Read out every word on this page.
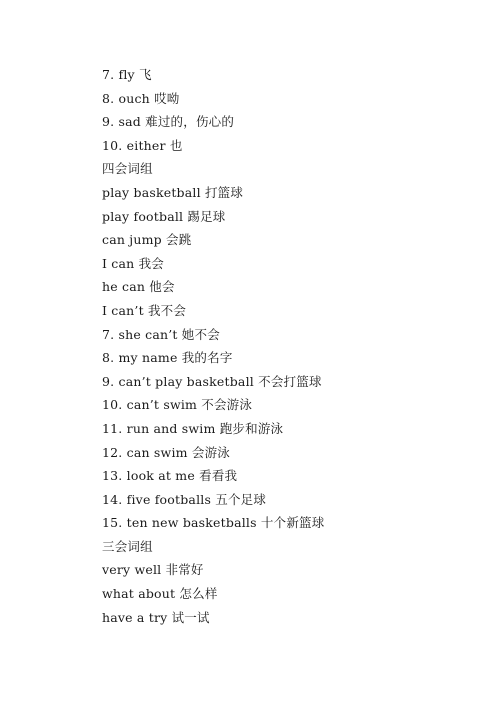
7. fly 飞
8. ouch 哎呦
9. sad 难过的，伤心的
10. either 也
四会词组
play basketball 打篮球
play football 踢足球
can jump 会跳
I can 我会
he can 他会
I can’t 我不会
7. she can’t 她不会
8. my name 我的名字
9. can’t play basketball 不会打篮球
10. can’t swim 不会游泳
11. run and swim 跑步和游泳
12. can swim 会游泳
13. look at me 看看我
14. five footballs 五个足球
15. ten new basketballs 十个新篮球
三会词组
very well 非常好
what about 怎么样
have a try 试一试
